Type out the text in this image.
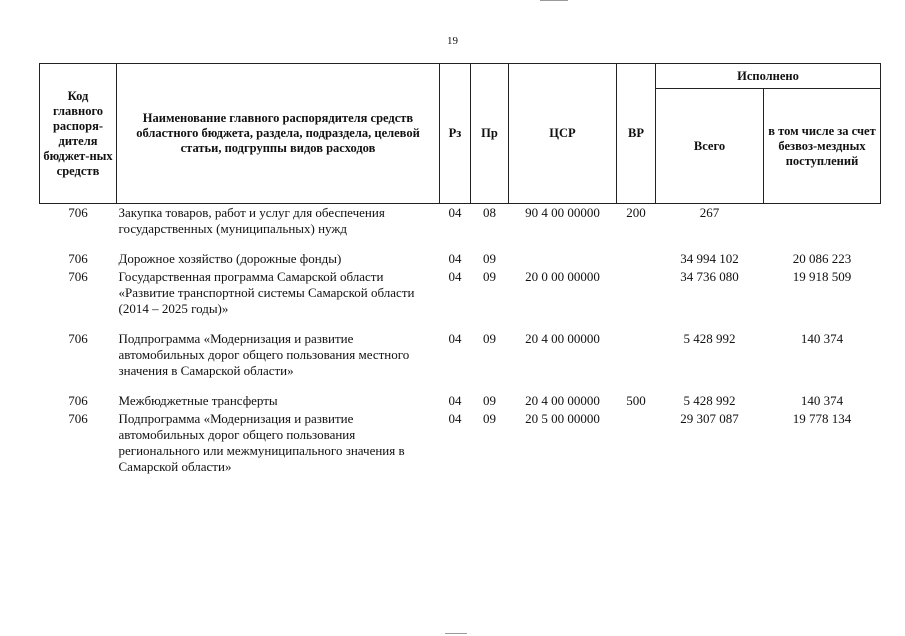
19
Код главного распоря-дителя бюджет-ных средств	Наименование главного распорядителя средств областного бюджета, раздела, подраздела, целевой статьи, подгруппы видов расходов	Рз	Пр	ЦСР	ВР	Исполнено	
						Всего	в том числе за счет безвоз-мездных поступлений
706	Закупка товаров, работ и услуг для обеспечения государственных (муниципальных) нужд	04	08	90 4 00 00000	200	267	
706	Дорожное хозяйство (дорожные фонды)	04	09			34 994 102	20 086 223
706	Государственная программа Самарской области «Развитие транспортной системы Самарской области (2014 – 2025 годы)»	04	09	20 0 00 00000		34 736 080	19 918 509
706	Подпрограмма «Модернизация и развитие автомобильных дорог общего пользования местного значения в Самарской области»	04	09	20 4 00 00000		5 428 992	140 374
706	Межбюджетные трансферты	04	09	20 4 00 00000	500	5 428 992	140 374
706	Подпрограмма «Модернизация и развитие автомобильных дорог общего пользования регионального или межмуниципального значения в Самарской области»	04	09	20 5 00 00000		29 307 087	19 778 134
